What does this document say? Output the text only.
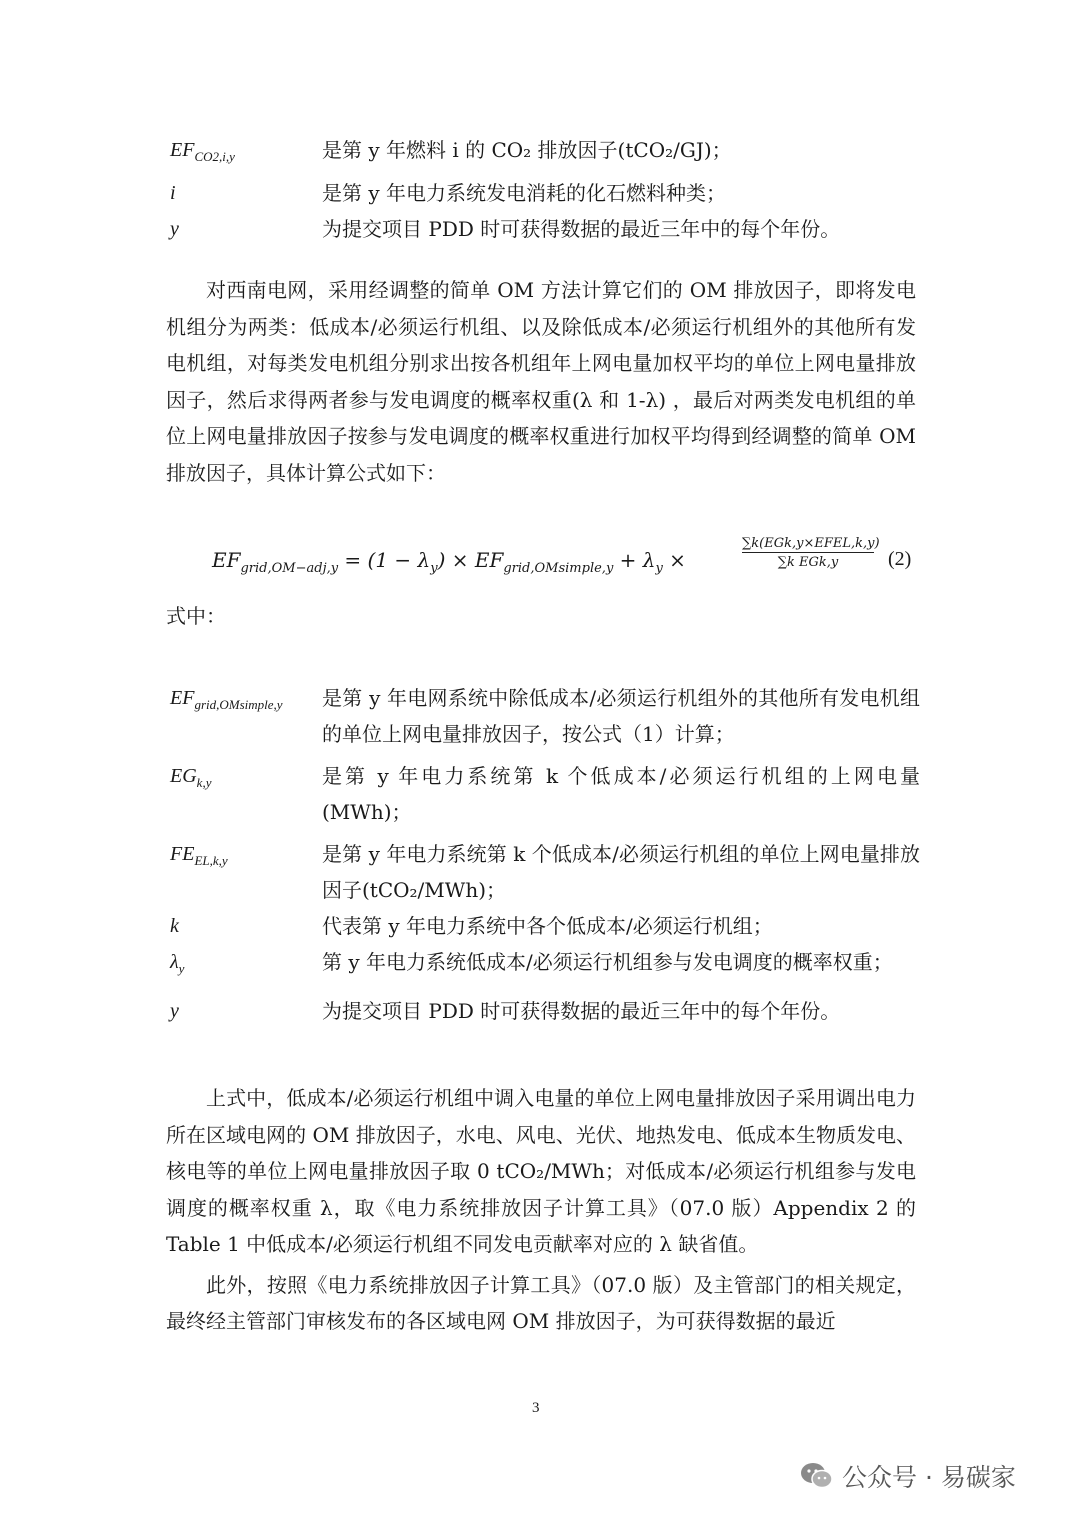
$EF_{CO2,i,y}$	是第 y 年燃料 i 的 CO₂ 排放因子(tCO₂/GJ)；
i	是第 y 年电力系统发电消耗的化石燃料种类；
y	为提交项目 PDD 时可获得数据的最近三年中的每个年份。

对西南电网，采用经调整的简单 OM 方法计算它们的 OM 排放因子，即将发电机组分为两类：低成本/必须运行机组、以及除低成本/必须运行机组外的其他所有发电机组，对每类发电机组分别求出按各机组年上网电量加权平均的单位上网电量排放因子，然后求得两者参与发电调度的概率权重(λ 和 1-λ) ，最后对两类发电机组的单位上网电量排放因子按参与发电调度的概率权重进行加权平均得到经调整的简单 OM 排放因子，具体计算公式如下：

$EF_{grid,OM-adj,y} = (1 - \lambda_y) \times EF_{grid,OMsimple,y} + \lambda_y$ ×
∑k(EGk,y×EFEL,k,y)
∑k EGk,y	(2)
式中：
$EF_{grid,OMsimple,y}$	是第 y 年电网系统中除低成本/必须运行机组外的其他所有发电机组的单位上网电量排放因子，按公式（1）计算；
$EG_{k,y}$	是第 y 年电力系统第 k 个低成本/必须运行机组的上网电量(MWh)；
$FE_{EL,k,y}$	是第 y 年电力系统第 k 个低成本/必须运行机组的单位上网电量排放因子(tCO₂/MWh)；
k	代表第 y 年电力系统中各个低成本/必须运行机组；
$\lambda_y$	第 y 年电力系统低成本/必须运行机组参与发电调度的概率权重；
y	为提交项目 PDD 时可获得数据的最近三年中的每个年份。

上式中，低成本/必须运行机组中调入电量的单位上网电量排放因子采用调出电力所在区域电网的 OM 排放因子，水电、风电、光伏、地热发电、低成本生物质发电、核电等的单位上网电量排放因子取 0 tCO₂/MWh；对低成本/必须运行机组参与发电调度的概率权重 λ，取《电力系统排放因子计算工具》（07.0 版）Appendix 2 的 Table 1 中低成本/必须运行机组不同发电贡献率对应的 λ 缺省值。

此外，按照《电力系统排放因子计算工具》（07.0 版）及主管部门的相关规定，最终经主管部门审核发布的各区域电网 OM 排放因子，为可获得数据的最近

3
公众号 · 易碳家
